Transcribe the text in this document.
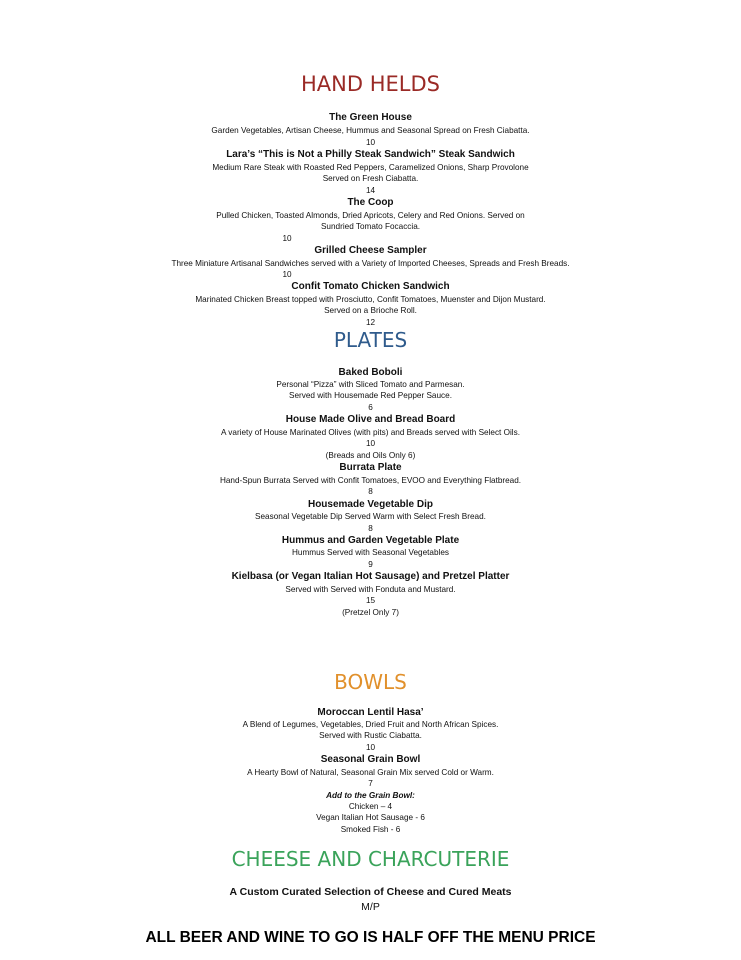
HAND HELDS
The Green House
Garden Vegetables, Artisan Cheese, Hummus and Seasonal Spread on Fresh Ciabatta.
10
Lara’s “This is Not a Philly Steak Sandwich” Steak Sandwich
Medium Rare Steak with Roasted Red Peppers, Caramelized Onions, Sharp Provolone
Served on Fresh Ciabatta.
14
The Coop
Pulled Chicken, Toasted Almonds, Dried Apricots, Celery and Red Onions. Served on
Sundried Tomato Focaccia.
10
Grilled Cheese Sampler
Three Miniature Artisanal Sandwiches served with a Variety of Imported Cheeses, Spreads and Fresh Breads.
10
Confit Tomato Chicken Sandwich
Marinated Chicken Breast topped with Prosciutto, Confit Tomatoes, Muenster and Dijon Mustard.
Served on a Brioche Roll.
12
PLATES
Baked Boboli
Personal “Pizza” with Sliced Tomato and Parmesan.
Served with Housemade Red Pepper Sauce.
6
House Made Olive and Bread Board
A variety of House Marinated Olives (with pits) and Breads served with Select Oils.
10
(Breads and Oils Only 6)
Burrata Plate
Hand-Spun Burrata Served with Confit Tomatoes, EVOO and Everything Flatbread.
8
Housemade Vegetable Dip
Seasonal Vegetable Dip Served Warm with Select Fresh Bread.
8
Hummus and Garden Vegetable Plate
Hummus Served with Seasonal Vegetables
9
Kielbasa (or Vegan Italian Hot Sausage) and Pretzel Platter
Served with Served with Fonduta and Mustard.
15
(Pretzel Only 7)
BOWLS
Moroccan Lentil Hasa’
A Blend of Legumes, Vegetables, Dried Fruit and North African Spices.
Served with Rustic Ciabatta.
10
Seasonal Grain Bowl
A Hearty Bowl of Natural, Seasonal Grain Mix served Cold or Warm.
7
Add to the Grain Bowl:
Chicken – 4
Vegan Italian Hot Sausage - 6
Smoked Fish - 6
CHEESE AND CHARCUTERIE
A Custom Curated Selection of Cheese and Cured Meats
M/P
ALL BEER AND WINE TO GO IS HALF OFF THE MENU PRICE
